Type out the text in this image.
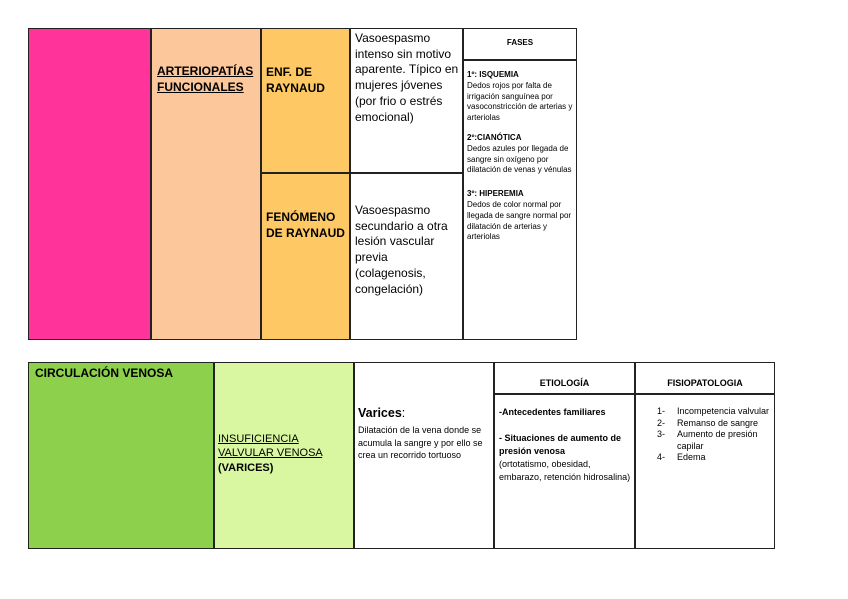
ARTERIOPATÍAS FUNCIONALES
ENF. DE RAYNAUD
FENÓMENO DE RAYNAUD
Vasoespasmo intenso sin motivo aparente. Típico en mujeres jóvenes (por frio o estrés emocional)
Vasoespasmo secundario a otra lesión vascular previa (colagenosis, congelación)
FASES
1º: ISQUEMIA
Dedos rojos por falta de irrigación sanguínea por vasoconstricción de arterias y arteriolas
2º:CIANÓTICA
Dedos azules por llegada de sangre sin oxígeno por dilatación de venas y vénulas
3º: HIPEREMIA
Dedos de color normal por llegada de sangre normal por dilatación de arterias y arteriolas
CIRCULACIÓN VENOSA
INSUFICIENCIA VALVULAR VENOSA (VARICES)
Varices:
Dilatación de la vena donde se acumula la sangre y por ello se crea un recorrido tortuoso
ETIOLOGÍA	FISIOPATOLOGIA
-Antecedentes familiares
- Situaciones de aumento de presión venosa
(ortotatismo, obesidad, embarazo, retención hidrosalina)
1- Incompetencia valvular
2- Remanso de sangre
3- Aumento de presión capilar
4- Edema
